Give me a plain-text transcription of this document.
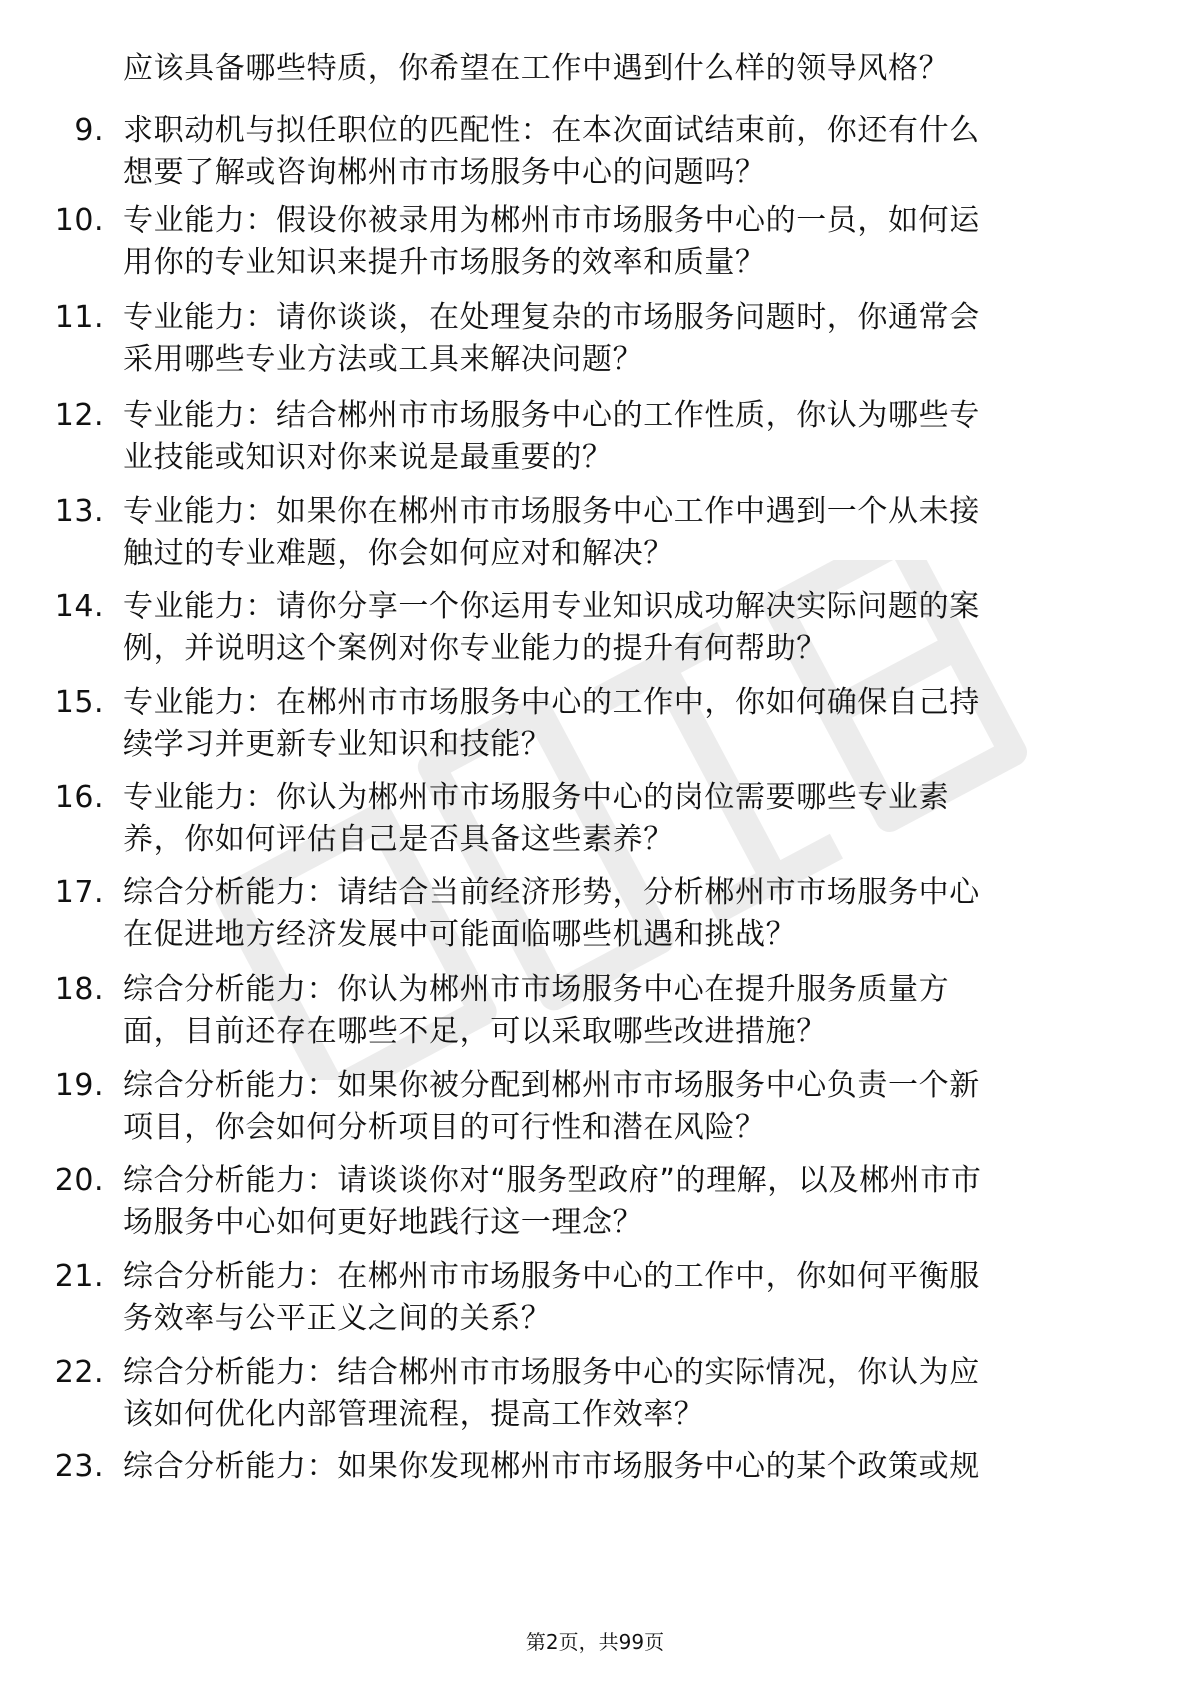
应该具备哪些特质，你希望在工作中遇到什么样的领导风格？
9. 求职动机与拟任职位的匹配性：在本次面试结束前，你还有什么
想要了解或咨询郴州市市场服务中心的问题吗？
10. 专业能力：假设你被录用为郴州市市场服务中心的一员，如何运
用你的专业知识来提升市场服务的效率和质量？
11. 专业能力：请你谈谈，在处理复杂的市场服务问题时，你通常会
采用哪些专业方法或工具来解决问题？
12. 专业能力：结合郴州市市场服务中心的工作性质，你认为哪些专
业技能或知识对你来说是最重要的？
13. 专业能力：如果你在郴州市市场服务中心工作中遇到一个从未接
触过的专业难题，你会如何应对和解决？
14. 专业能力：请你分享一个你运用专业知识成功解决实际问题的案
例，并说明这个案例对你专业能力的提升有何帮助？
15. 专业能力：在郴州市市场服务中心的工作中，你如何确保自己持
续学习并更新专业知识和技能？
16. 专业能力：你认为郴州市市场服务中心的岗位需要哪些专业素
养，你如何评估自己是否具备这些素养？
17. 综合分析能力：请结合当前经济形势，分析郴州市市场服务中心
在促进地方经济发展中可能面临哪些机遇和挑战？
18. 综合分析能力：你认为郴州市市场服务中心在提升服务质量方
面，目前还存在哪些不足，可以采取哪些改进措施？
19. 综合分析能力：如果你被分配到郴州市市场服务中心负责一个新
项目，你会如何分析项目的可行性和潜在风险？
20. 综合分析能力：请谈谈你对“服务型政府”的理解，以及郴州市市
场服务中心如何更好地践行这一理念？
21. 综合分析能力：在郴州市市场服务中心的工作中，你如何平衡服
务效率与公平正义之间的关系？
22. 综合分析能力：结合郴州市市场服务中心的实际情况，你认为应
该如何优化内部管理流程，提高工作效率？
23. 综合分析能力：如果你发现郴州市市场服务中心的某个政策或规
第2页，共99页
